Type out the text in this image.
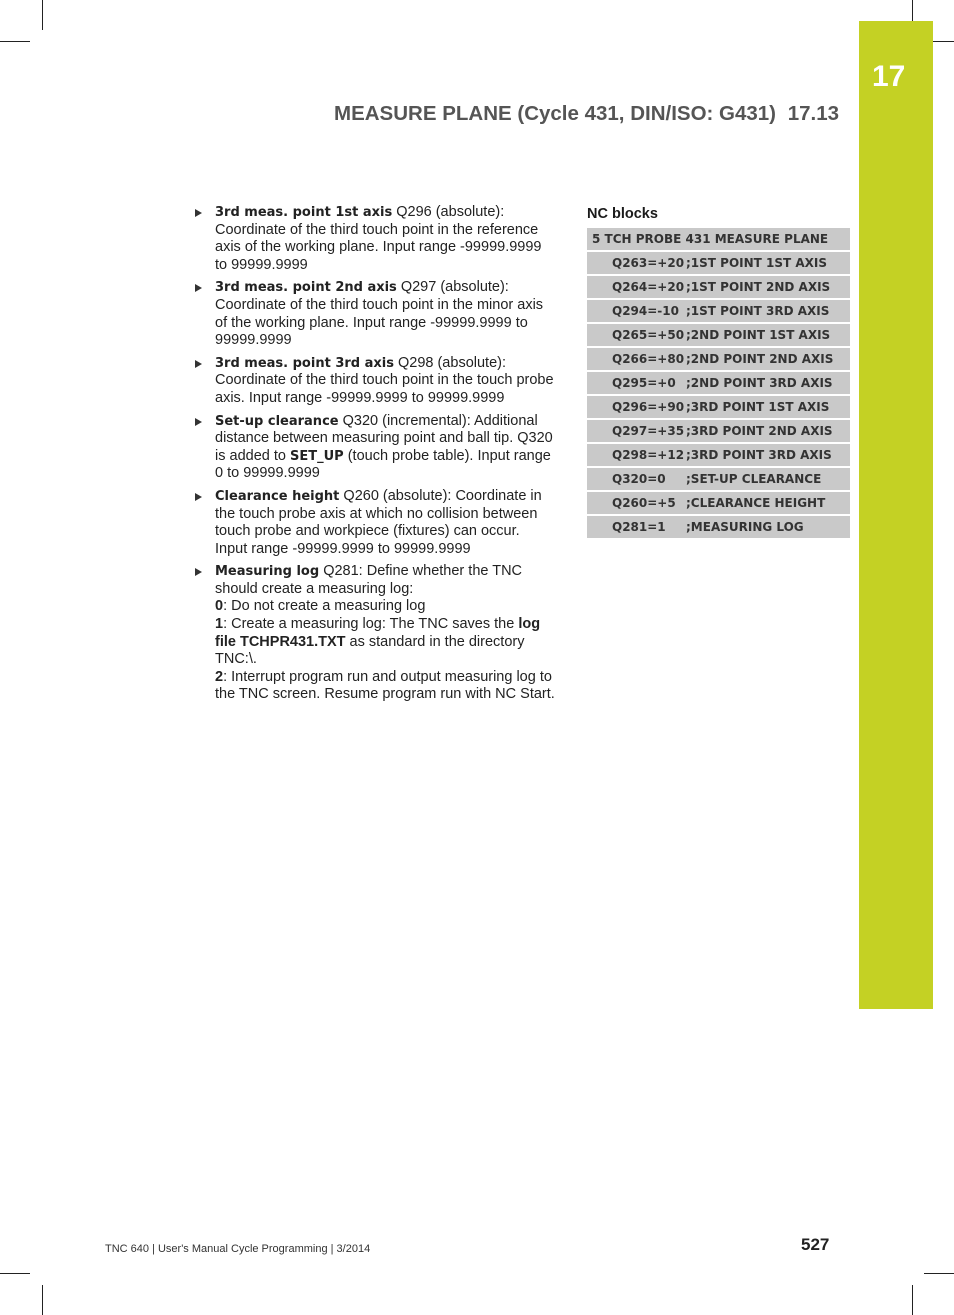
17
MEASURE PLANE (Cycle 431, DIN/ISO: G431) 17.13
3rd meas. point 1st axis Q296 (absolute): Coordinate of the third touch point in the reference axis of the working plane. Input range -99999.9999 to 99999.9999
3rd meas. point 2nd axis Q297 (absolute): Coordinate of the third touch point in the minor axis of the working plane. Input range -99999.9999 to 99999.9999
3rd meas. point 3rd axis Q298 (absolute): Coordinate of the third touch point in the touch probe axis. Input range -99999.9999 to 99999.9999
Set-up clearance Q320 (incremental): Additional distance between measuring point and ball tip. Q320 is added to SET_UP (touch probe table). Input range 0 to 99999.9999
Clearance height Q260 (absolute): Coordinate in the touch probe axis at which no collision between touch probe and workpiece (fixtures) can occur. Input range -99999.9999 to 99999.9999
Measuring log Q281: Define whether the TNC should create a measuring log:
0: Do not create a measuring log
1: Create a measuring log: The TNC saves the log file TCHPR431.TXT as standard in the directory TNC:\.
2: Interrupt program run and output measuring log to the TNC screen. Resume program run with NC Start.
NC blocks
5 TCH PROBE 431 MEASURE PLANE
Q263=+20 ;1ST POINT 1ST AXIS
Q264=+20 ;1ST POINT 2ND AXIS
Q294=-10 ;1ST POINT 3RD AXIS
Q265=+50 ;2ND POINT 1ST AXIS
Q266=+80 ;2ND POINT 2ND AXIS
Q295=+0 ;2ND POINT 3RD AXIS
Q296=+90 ;3RD POINT 1ST AXIS
Q297=+35 ;3RD POINT 2ND AXIS
Q298=+12 ;3RD POINT 3RD AXIS
Q320=0	;SET-UP CLEARANCE
Q260=+5 ;CLEARANCE HEIGHT
Q281=1	;MEASURING LOG
TNC 640 | User's Manual Cycle Programming | 3/2014	527
